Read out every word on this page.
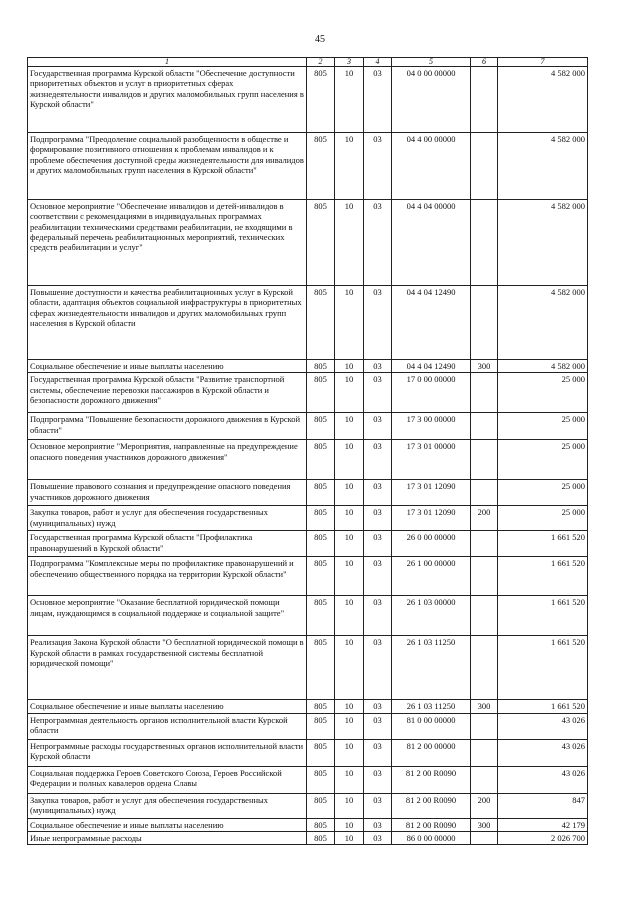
45
1	2	3	4	5	6	7
Государственная программа Курской области "Обеспечение доступности приоритетных объектов и услуг в приоритетных сферах жизнедеятельности инвалидов и других маломобильных групп населения в Курской области"	805	10	03	04 0 00 00000		4 582 000
Подпрограмма "Преодоление социальной разобщенности в обществе и формирование позитивного отношения к проблемам инвалидов и к проблеме обеспечения доступной среды жизнедеятельности для инвалидов и других маломобильных групп населения в Курской области"	805	10	03	04 4 00 00000		4 582 000
Основное мероприятие "Обеспечение инвалидов и детей-инвалидов в соответствии с рекомендациями в индивидуальных программах реабилитации техническими средствами реабилитации, не входящими в федеральный перечень реабилитационных мероприятий, технических средств реабилитации и услуг"	805	10	03	04 4 04 00000		4 582 000
Повышение доступности и качества реабилитационных услуг в Курской области, адаптация объектов социальной инфраструктуры в приоритетных сферах жизнедеятельности инвалидов и других маломобильных групп населения в Курской области	805	10	03	04 4 04 12490		4 582 000
Социальное обеспечение и иные выплаты населению	805	10	03	04 4 04 12490	300	4 582 000
Государственная программа Курской области "Развитие транспортной системы, обеспечение перевозки пассажиров в Курской области и безопасности дорожного движения"	805	10	03	17 0 00 00000		25 000
Подпрограмма "Повышение безопасности дорожного движения в Курской области"	805	10	03	17 3 00 00000		25 000
Основное мероприятие "Мероприятия, направленные на предупреждение опасного поведения участников дорожного движения"	805	10	03	17 3 01 00000		25 000
Повышение правового сознания и предупреждение опасного поведения участников дорожного движения	805	10	03	17 3 01 12090		25 000
Закупка товаров, работ и услуг для обеспечения государственных (муниципальных) нужд	805	10	03	17 3 01 12090	200	25 000
Государственная программа Курской области "Профилактика правонарушений в Курской области"	805	10	03	26 0 00 00000		1 661 520
Подпрограмма "Комплексные меры по профилактике правонарушений и обеспечению общественного порядка на территории Курской области"	805	10	03	26 1 00 00000		1 661 520
Основное мероприятие "Оказание бесплатной юридической помощи лицам, нуждающимся в социальной поддержке и социальной защите"	805	10	03	26 1 03 00000		1 661 520
Реализация Закона Курской области "О бесплатной юридической помощи в Курской области в рамках государственной системы бесплатной юридической помощи"	805	10	03	26 1 03 11250		1 661 520
Социальное обеспечение и иные выплаты населению	805	10	03	26 1 03 11250	300	1 661 520
Непрограммная деятельность органов исполнительной власти Курской области	805	10	03	81 0 00 00000		43 026
Непрограммные расходы государственных органов исполнительной власти Курской области	805	10	03	81 2 00 00000		43 026
Социальная поддержка Героев Советского Союза, Героев Российской Федерации и полных кавалеров ордена Славы	805	10	03	81 2 00 R0090		43 026
Закупка товаров, работ и услуг для обеспечения государственных (муниципальных) нужд	805	10	03	81 2 00 R0090	200	847
Социальное обеспечение и иные выплаты населению	805	10	03	81 2 00 R0090	300	42 179
Иные непрограммные расходы	805	10	03	86 0 00 00000		2 026 700
